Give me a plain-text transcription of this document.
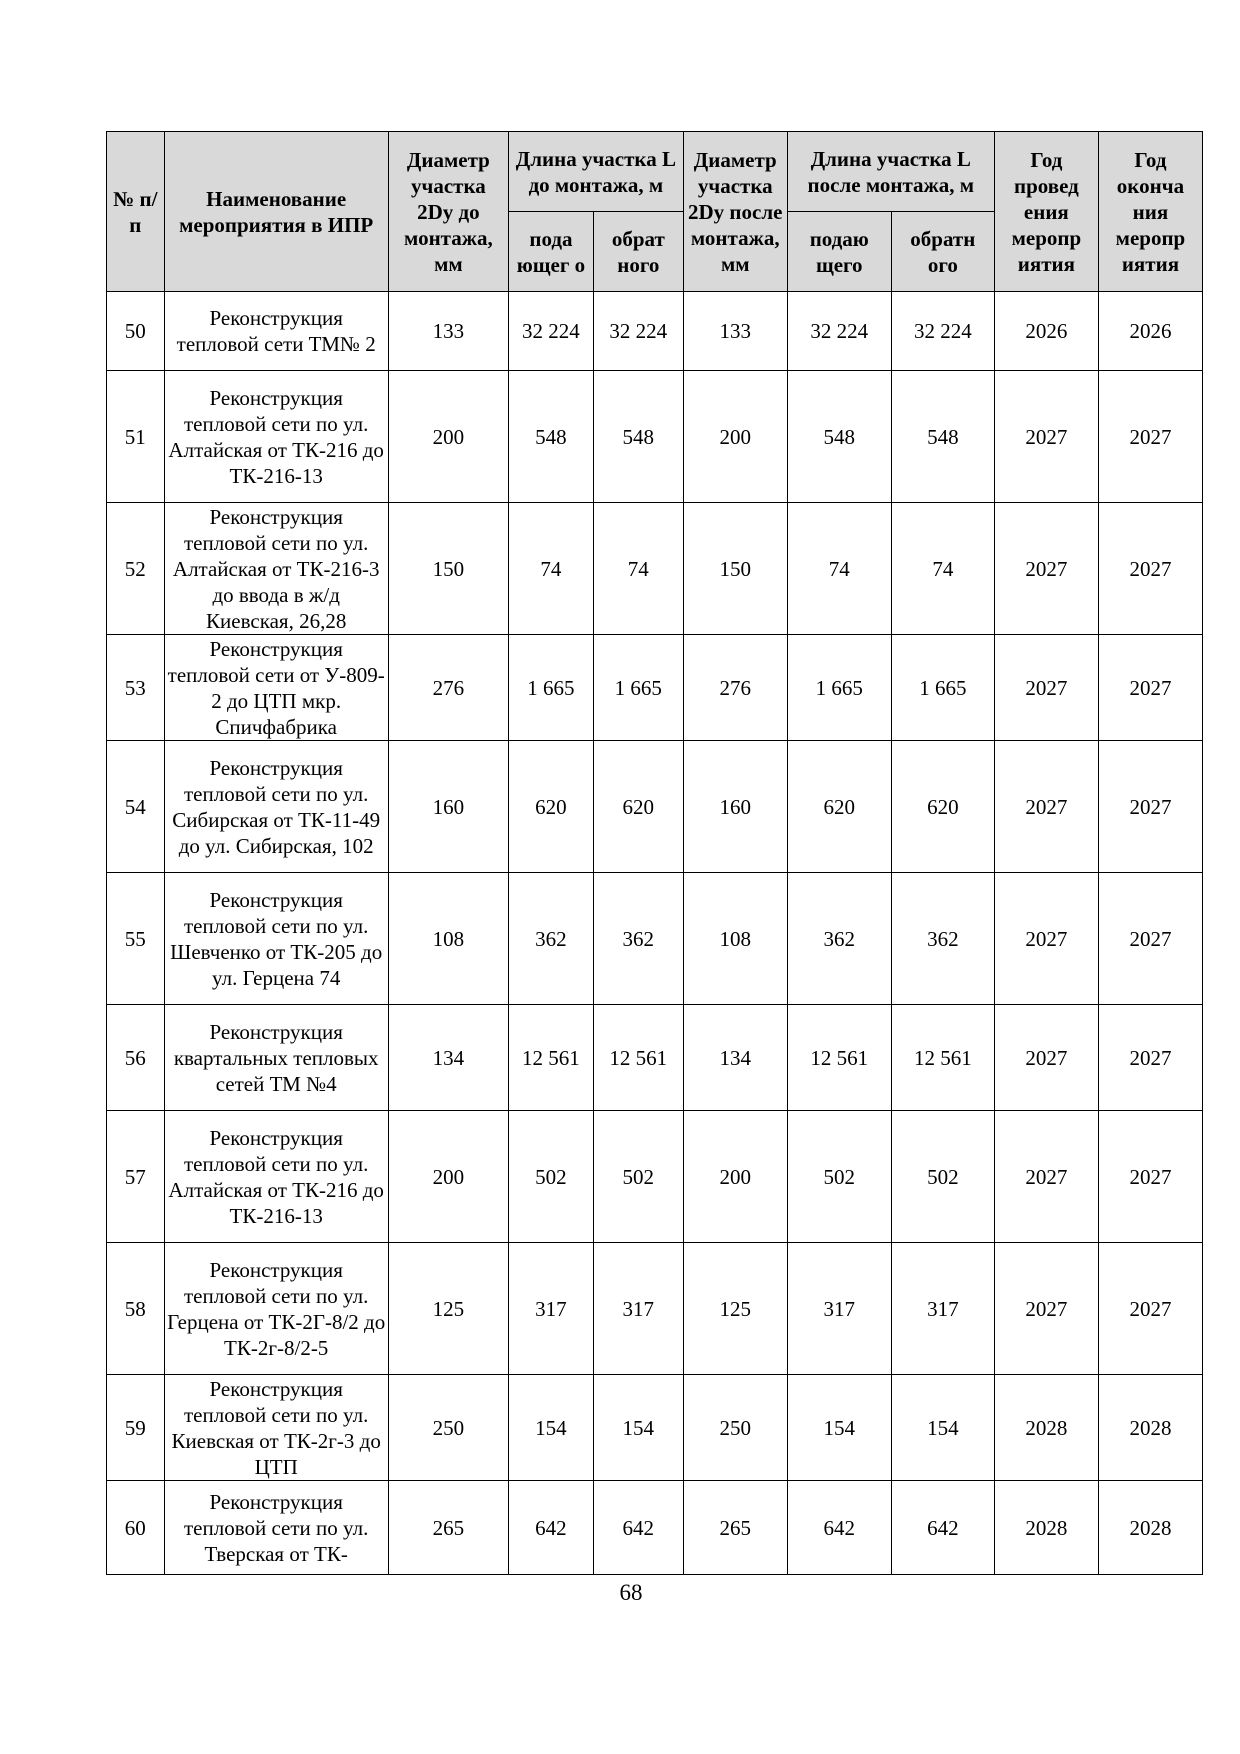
№ п/п	Наименование мероприятия в ИПР	Диаметр участка 2Dу до монтажа, мм	Длина участка L до монтажа, м		Диаметр участка 2Dу после монтажа, мм	Длина участка L после монтажа, м		Год провед ения меропр иятия	Год оконча ния меропр иятия
			пода ющег о	обрат ного		подаю щего	обратн ого		
50	Реконструкция тепловой сети ТМ№ 2	133	32 224	32 224	133	32 224	32 224	2026	2026
51	Реконструкция тепловой сети по ул. Алтайская от ТК-216 до ТК-216-13	200	548	548	200	548	548	2027	2027
52	Реконструкция тепловой сети по ул. Алтайская от ТК-216-3 до ввода в ж/д Киевская, 26,28	150	74	74	150	74	74	2027	2027
53	Реконструкция тепловой сети от У-809-2 до ЦТП мкр. Спичфабрика	276	1 665	1 665	276	1 665	1 665	2027	2027
54	Реконструкция тепловой сети по ул. Сибирская от ТК-11-49 до ул. Сибирская, 102	160	620	620	160	620	620	2027	2027
55	Реконструкция тепловой сети по ул. Шевченко от ТК-205 до ул. Герцена 74	108	362	362	108	362	362	2027	2027
56	Реконструкция квартальных тепловых сетей ТМ №4	134	12 561	12 561	134	12 561	12 561	2027	2027
57	Реконструкция тепловой сети по ул. Алтайская от ТК-216 до ТК-216-13	200	502	502	200	502	502	2027	2027
58	Реконструкция тепловой сети по ул. Герцена от ТК-2Г-8/2 до ТК-2г-8/2-5	125	317	317	125	317	317	2027	2027
59	Реконструкция тепловой сети по ул. Киевская от ТК-2г-3 до ЦТП	250	154	154	250	154	154	2028	2028
60	Реконструкция тепловой сети по ул. Тверская от ТК-	265	642	642	265	642	642	2028	2028
68
